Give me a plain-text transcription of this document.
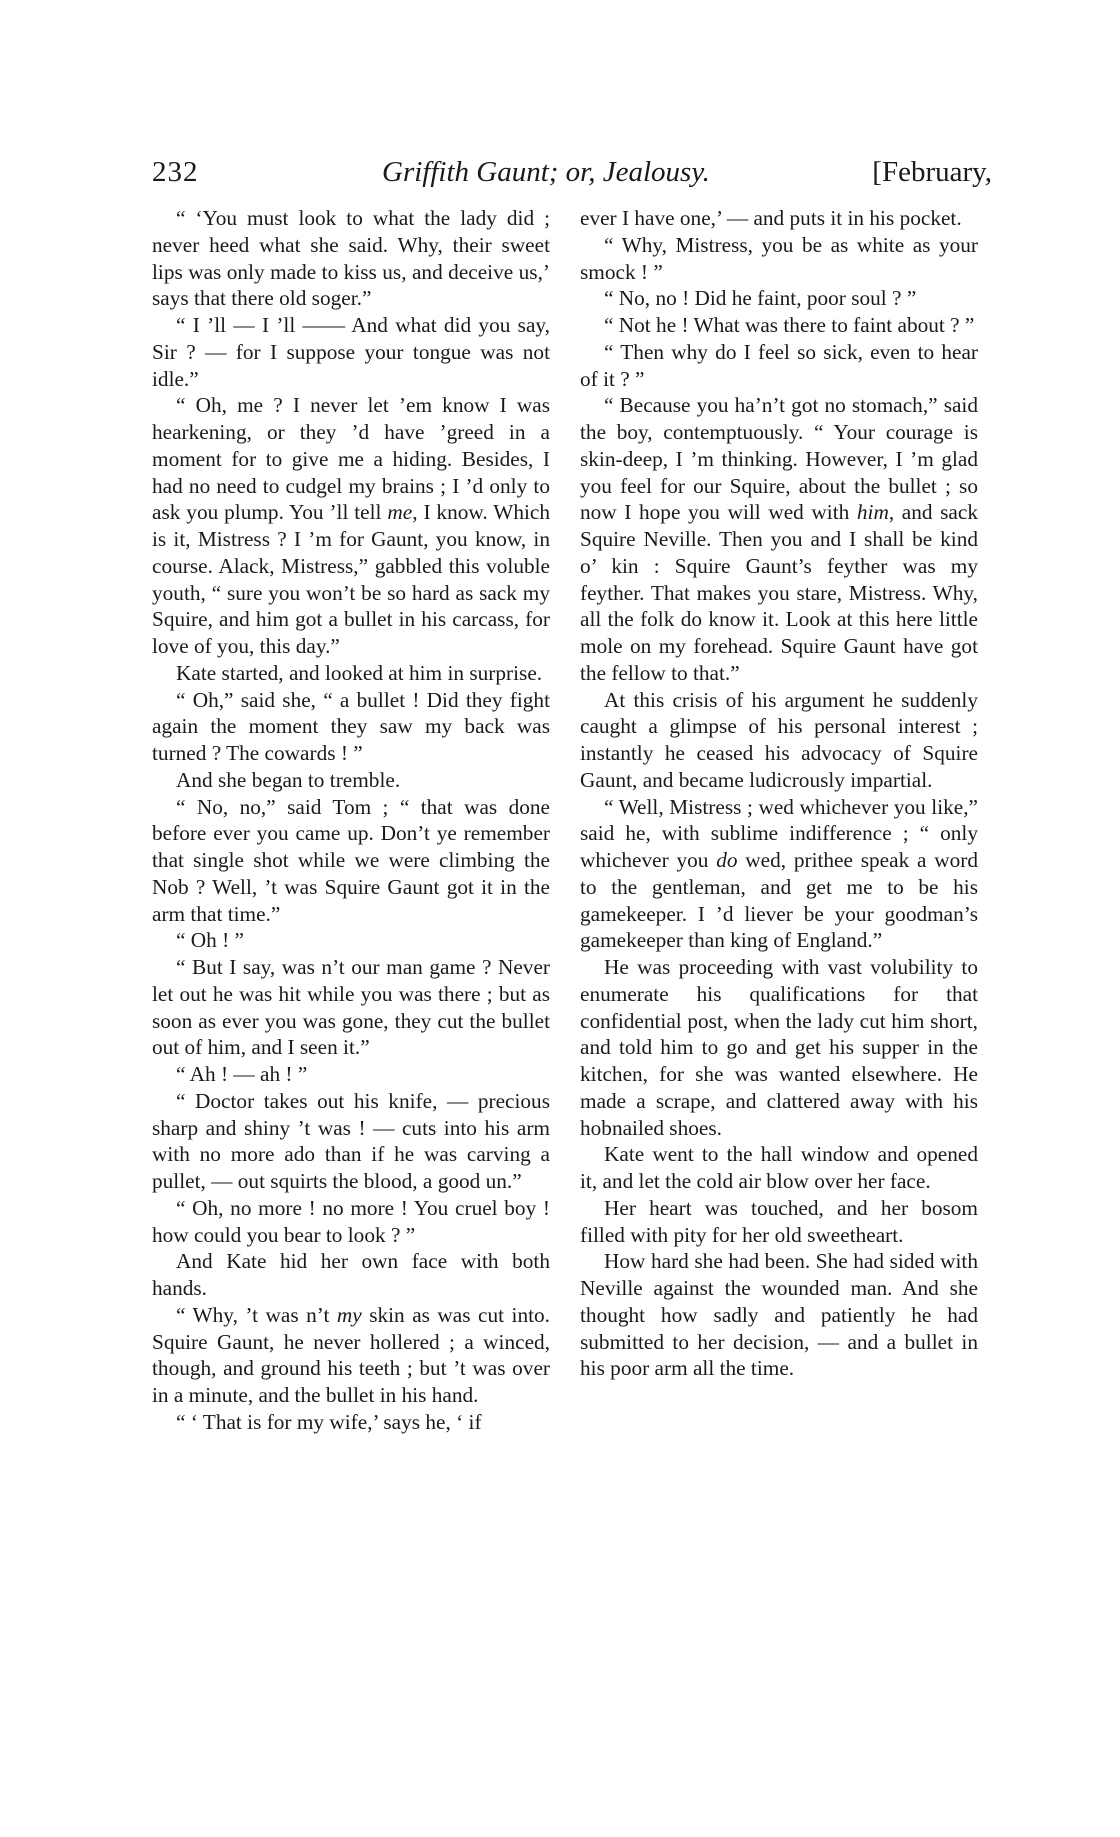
232	Griffith Gaunt; or, Jealousy.	[February,

“ ‘You must look to what the lady did ; never heed what she said. Why, their sweet lips was only made to kiss us, and deceive us,’ says that there old soger.”

“ I ’ll — I ’ll —— And what did you say, Sir ? — for I suppose your tongue was not idle.”

“ Oh, me ? I never let ’em know I was hearkening, or they ’d have ’greed in a moment for to give me a hiding. Besides, I had no need to cudgel my brains ; I ’d only to ask you plump. You ’ll tell me, I know. Which is it, Mistress ? I ’m for Gaunt, you know, in course. Alack, Mistress,” gabbled this voluble youth, “ sure you won’t be so hard as sack my Squire, and him got a bullet in his carcass, for love of you, this day.”

Kate started, and looked at him in surprise.

“ Oh,” said she, “ a bullet ! Did they fight again the moment they saw my back was turned ? The cowards ! ”

And she began to tremble.

“ No, no,” said Tom ; “ that was done before ever you came up. Don’t ye remember that single shot while we were climbing the Nob ? Well, ’t was Squire Gaunt got it in the arm that time.”

“ Oh ! ”

“ But I say, was n’t our man game ? Never let out he was hit while you was there ; but as soon as ever you was gone, they cut the bullet out of him, and I seen it.”

“ Ah ! — ah ! ”

“ Doctor takes out his knife, — precious sharp and shiny ’t was ! — cuts into his arm with no more ado than if he was carving a pullet, — out squirts the blood, a good un.”

“ Oh, no more ! no more ! You cruel boy ! how could you bear to look ? ”

And Kate hid her own face with both hands.

“ Why, ’t was n’t my skin as was cut into. Squire Gaunt, he never hollered ; a winced, though, and ground his teeth ; but ’t was over in a minute, and the bullet in his hand.

“ ‘ That is for my wife,’ says he, ‘ if

ever I have one,’ — and puts it in his pocket.

“ Why, Mistress, you be as white as your smock ! ”

“ No, no ! Did he faint, poor soul ? ”

“ Not he ! What was there to faint about ? ”

“ Then why do I feel so sick, even to hear of it ? ”

“ Because you ha’n’t got no stomach,” said the boy, contemptuously. “ Your courage is skin-deep, I ’m thinking. However, I ’m glad you feel for our Squire, about the bullet ; so now I hope you will wed with him, and sack Squire Neville. Then you and I shall be kind o’ kin : Squire Gaunt’s feyther was my feyther. That makes you stare, Mistress. Why, all the folk do know it. Look at this here little mole on my forehead. Squire Gaunt have got the fellow to that.”

At this crisis of his argument he suddenly caught a glimpse of his personal interest ; instantly he ceased his advocacy of Squire Gaunt, and became ludicrously impartial.

“ Well, Mistress ; wed whichever you like,” said he, with sublime indifference ; “ only whichever you do wed, prithee speak a word to the gentleman, and get me to be his gamekeeper. I ’d liever be your goodman’s gamekeeper than king of England.”

He was proceeding with vast volubility to enumerate his qualifications for that confidential post, when the lady cut him short, and told him to go and get his supper in the kitchen, for she was wanted elsewhere. He made a scrape, and clattered away with his hobnailed shoes.

Kate went to the hall window and opened it, and let the cold air blow over her face.

Her heart was touched, and her bosom filled with pity for her old sweetheart.

How hard she had been. She had sided with Neville against the wounded man. And she thought how sadly and patiently he had submitted to her decision, — and a bullet in his poor arm all the time.
